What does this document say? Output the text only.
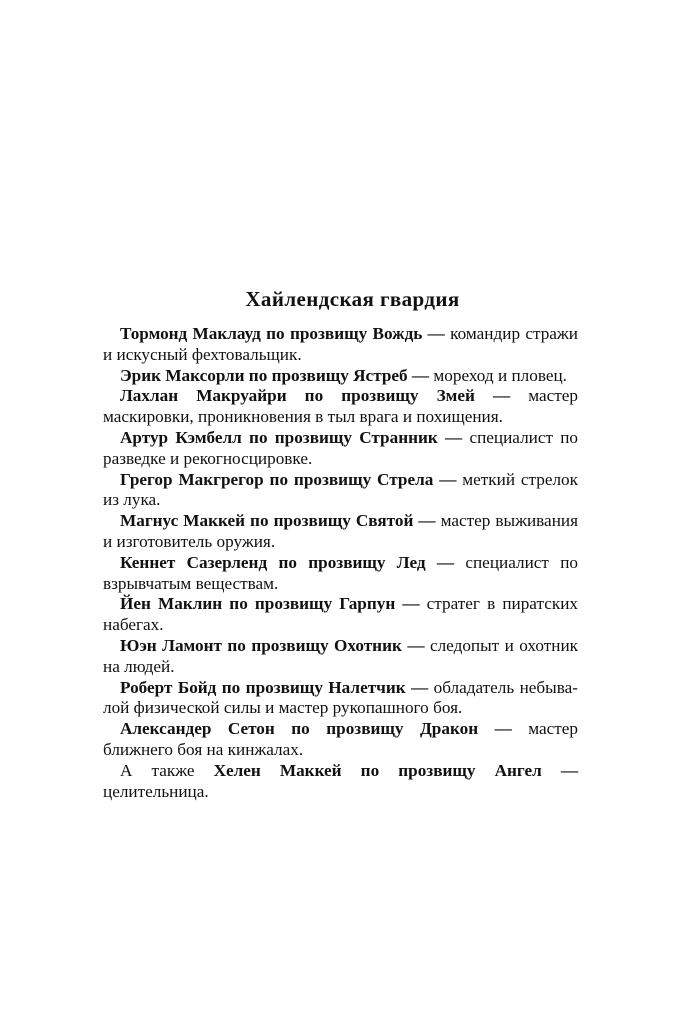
Хайлендская гвардия

Тормонд Маклауд по прозвищу Вождь — командир стражи и искусный фехтовальщик.

Эрик Максорли по прозвищу Ястреб — мореход и пловец.

Лахлан Макруайри по прозвищу Змей — мастер маскировки, проникновения в тыл врага и похищения.

Артур Кэмбелл по прозвищу Странник — специалист по разведке и рекогносцировке.

Грегор Макгрегор по прозвищу Стрела — меткий стрелок из лука.

Магнус Маккей по прозвищу Святой — мастер выживания и изготовитель оружия.

Кеннет Сазерленд по прозвищу Лед — специалист по взрывчатым веществам.

Йен Маклин по прозвищу Гарпун — стратег в пиратских набегах.

Юэн Ламонт по прозвищу Охотник — следопыт и охотник на людей.

Роберт Бойд по прозвищу Налетчик — обладатель небывалой физической силы и мастер рукопашного боя.

Александер Сетон по прозвищу Дракон — мастер ближнего боя на кинжалах.

А также Хелен Маккей по прозвищу Ангел — целительница.
